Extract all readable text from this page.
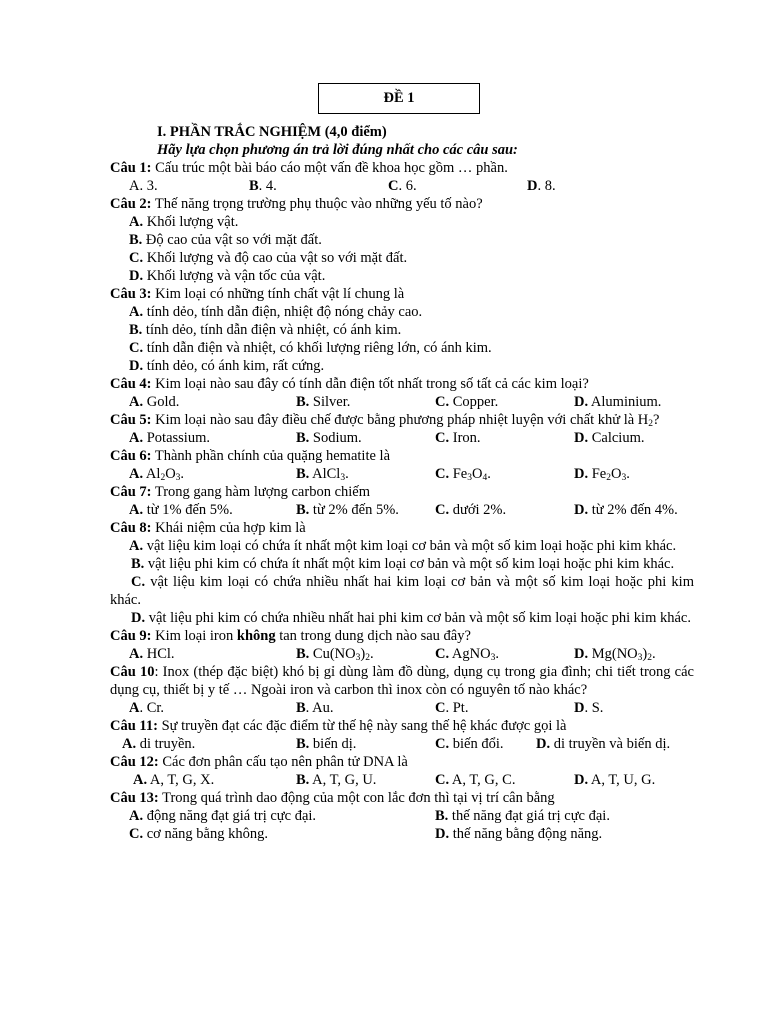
ĐỀ 1
I. PHẦN TRẮC NGHIỆM (4,0 điểm)
Hãy lựa chọn phương án trả lời đúng nhất cho các câu sau:
Câu 1: Cấu trúc một bài báo cáo một vấn đề khoa học gồm … phần.
A. 3.	B. 4.	C. 6.	D. 8.
Câu 2: Thế năng trọng trường phụ thuộc vào những yếu tố nào?
A. Khối lượng vật.
B. Độ cao của vật so với mặt đất.
C. Khối lượng và độ cao của vật so với mặt đất.
D. Khối lượng và vận tốc của vật.
Câu 3: Kim loại có những tính chất vật lí chung là
A. tính dẻo, tính dẫn điện, nhiệt độ nóng chảy cao.
B. tính dẻo, tính dẫn điện và nhiệt, có ánh kim.
C. tính dẫn điện và nhiệt, có khối lượng riêng lớn, có ánh kim.
D. tính dẻo, có ánh kim, rất cứng.
Câu 4: Kim loại nào sau đây có tính dẫn điện tốt nhất trong số tất cả các kim loại?
A. Gold.	B. Silver.	C. Copper.	D. Aluminium.
Câu 5: Kim loại nào sau đây điều chế được bằng phương pháp nhiệt luyện với chất khử là $H_2$?
A. Potassium.	B. Sodium.	C. Iron.	D. Calcium.
Câu 6: Thành phần chính của quặng hematite là
A. $Al_2O_3$.	B. AlCl$_3$.	C. $Fe_3O_4$.	D. $Fe_2O_3$.
Câu 7: Trong gang hàm lượng carbon chiếm
A. từ 1% đến 5%.	B. từ 2% đến 5%.	C. dưới 2%.	D. từ 2% đến 4%.
Câu 8: Khái niệm của hợp kim là
A. vật liệu kim loại có chứa ít nhất một kim loại cơ bản và một số kim loại hoặc phi kim khác.
B. vật liệu phi kim có chứa ít nhất một kim loại cơ bản và một số kim loại hoặc phi kim khác.
C. vật liệu kim loại có chứa nhiều nhất hai kim loại cơ bản và một số kim loại hoặc phi kim khác.
D. vật liệu phi kim có chứa nhiều nhất hai phi kim cơ bản và một số kim loại hoặc phi kim khác.
Câu 9: Kim loại iron không tan trong dung dịch nào sau đây?
A. HCl.	B. $Cu(NO_3)_2$.	C. AgNO$_3$.	D. $Mg(NO_3)_2$.
Câu 10: Inox (thép đặc biệt) khó bị gỉ dùng làm đồ dùng, dụng cụ trong gia đình; chi tiết trong các dụng cụ, thiết bị y tế … Ngoài iron và carbon thì inox còn có nguyên tố nào khác?
A. Cr.	B. Au.	C. Pt.	D. S.
Câu 11: Sự truyền đạt các đặc điểm từ thế hệ này sang thế hệ khác được gọi là
A. di truyền.	B. biến dị.	C. biến đổi.	D. di truyền và biến dị.
Câu 12: Các đơn phân cấu tạo nên phân tử DNA là
A. A, T, G, X.	B. A, T, G, U.	C. A, T, G, C.	D. A, T, U, G.
Câu 13: Trong quá trình dao động của một con lắc đơn thì tại vị trí cân bằng
A. động năng đạt giá trị cực đại.	B. thế năng đạt giá trị cực đại.
C. cơ năng bằng không.	D. thế năng bằng động năng.
